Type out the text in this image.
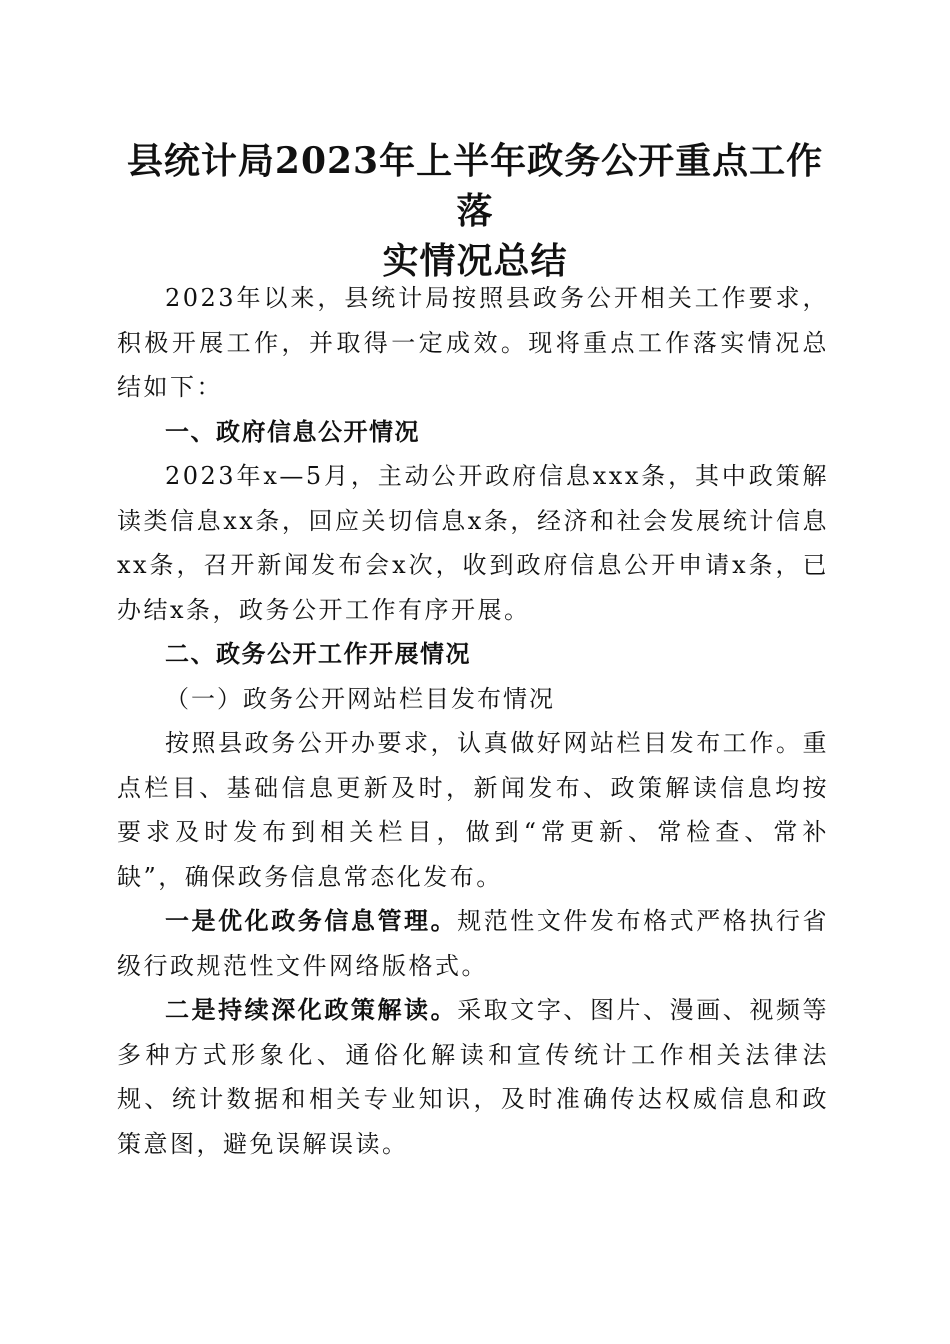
县统计局2023年上半年政务公开重点工作落
实情况总结

2023年以来，县统计局按照县政务公开相关工作要求，积极开展工作，并取得一定成效。现将重点工作落实情况总结如下：

一、政府信息公开情况

2023年x—5月，主动公开政府信息xxx条，其中政策解读类信息xx条，回应关切信息x条，经济和社会发展统计信息xx条，召开新闻发布会x次，收到政府信息公开申请x条，已办结x条，政务公开工作有序开展。

二、政务公开工作开展情况

（一）政务公开网站栏目发布情况

按照县政务公开办要求，认真做好网站栏目发布工作。重点栏目、基础信息更新及时，新闻发布、政策解读信息均按要求及时发布到相关栏目，做到“常更新、常检查、常补缺”，确保政务信息常态化发布。

一是优化政务信息管理。规范性文件发布格式严格执行省级行政规范性文件网络版格式。

二是持续深化政策解读。采取文字、图片、漫画、视频等多种方式形象化、通俗化解读和宣传统计工作相关法律法规、统计数据和相关专业知识，及时准确传达权威信息和政策意图，避免误解误读。
